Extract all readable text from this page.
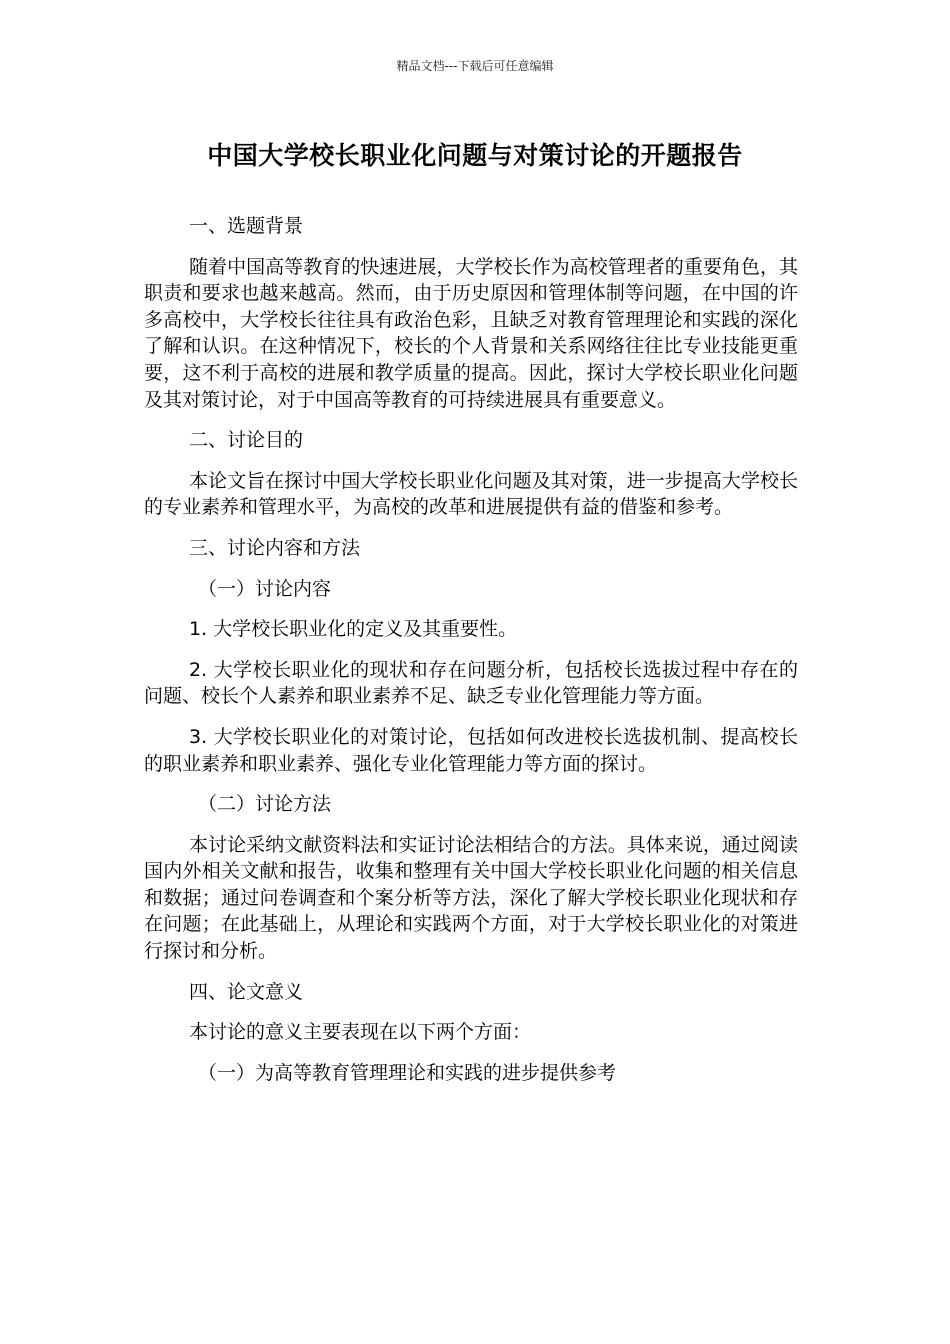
精品文档---下载后可任意编辑
中国大学校长职业化问题与对策讨论的开题报告

一、选题背景

随着中国高等教育的快速进展，大学校长作为高校管理者的重要角色，其职责和要求也越来越高。然而，由于历史原因和管理体制等问题，在中国的许多高校中，大学校长往往具有政治色彩，且缺乏对教育管理理论和实践的深化了解和认识。在这种情况下，校长的个人背景和关系网络往往比专业技能更重要，这不利于高校的进展和教学质量的提高。因此，探讨大学校长职业化问题及其对策讨论，对于中国高等教育的可持续进展具有重要意义。

二、讨论目的

本论文旨在探讨中国大学校长职业化问题及其对策，进一步提高大学校长的专业素养和管理水平，为高校的改革和进展提供有益的借鉴和参考。

三、讨论内容和方法

（一）讨论内容

1. 大学校长职业化的定义及其重要性。

2. 大学校长职业化的现状和存在问题分析，包括校长选拔过程中存在的问题、校长个人素养和职业素养不足、缺乏专业化管理能力等方面。

3. 大学校长职业化的对策讨论，包括如何改进校长选拔机制、提高校长的职业素养和职业素养、强化专业化管理能力等方面的探讨。

（二）讨论方法

本讨论采纳文献资料法和实证讨论法相结合的方法。具体来说，通过阅读国内外相关文献和报告，收集和整理有关中国大学校长职业化问题的相关信息和数据；通过问卷调查和个案分析等方法，深化了解大学校长职业化现状和存在问题；在此基础上，从理论和实践两个方面，对于大学校长职业化的对策进行探讨和分析。

四、论文意义

本讨论的意义主要表现在以下两个方面：

（一）为高等教育管理理论和实践的进步提供参考
